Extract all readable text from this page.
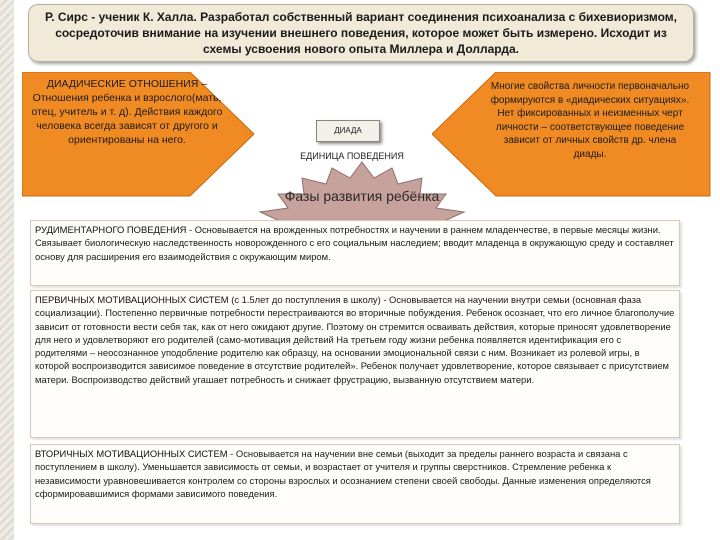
Р. Сирс - ученик К. Халла. Разработал собственный вариант соединения психоанализа с бихевиоризмом, сосредоточив внимание на изучении внешнего поведения, которое может быть измерено. Исходит из схемы усвоения нового опыта Миллера и Долларда.
ДИАДИЧЕСКИЕ ОТНОШЕНИЯ –
Отношения ребенка и взрослого(мать, отец, учитель и т. д). Действия каждого человека всегда зависят от другого и ориентированы на него.
Многие свойства личности первоначально формируются в «диадических ситуациях». Нет фиксированных и неизменных черт личности – соответствующее поведение зависит от личных свойств др. члена диады.
ДИАДА
ЕДИНИЦА ПОВЕДЕНИЯ
Фазы развития ребёнка
РУДИМЕНТАРНОГО ПОВЕДЕНИЯ - Основывается на врожденных потребностях и научении в раннем младенчестве, в первые месяцы жизни. Связывает биологическую наследственность новорожденного с его социальным наследием; вводит младенца в окружающую среду и составляет основу для расширения его взаимодействия с окружающим миром.
ПЕРВИЧНЫХ МОТИВАЦИОННЫХ СИСТЕМ (с 1.5лет до поступления в школу) - Основывается на научении внутри семьи (основная фаза социализации). Постепенно первичные потребности перестраиваются во вторичные побуждения. Ребенок осознает, что его личное благополучие зависит от готовности вести себя так, как от него ожидают другие. Поэтому он стремится осваивать действия, которые приносят удовлетворение для него и удовлетворяют его родителей (само-мотивация действий На третьем году жизни ребенка появляется идентификация его с родителями – неосознанное уподобление родителю как образцу, на основании эмоциональной связи с ним. Возникает из ролевой игры, в которой воспроизводится зависимое поведение в отсутствие родителей». Ребенок получает удовлетворение, которое связывает с присутствием матери. Воспроизводство действий угашает потребность и снижает фрустрацию, вызванную отсутствием матери.
ВТОРИЧНЫХ МОТИВАЦИОННЫХ СИСТЕМ - Основывается на научении вне семьи (выходит за пределы раннего возраста и связана с поступлением в школу). Уменьшается зависимость от семьи, и возрастает от учителя и группы сверстников. Стремление ребенка к независимости уравновешивается контролем со стороны взрослых и осознанием степени своей свободы. Данные изменения определяются сформировавшимися формами зависимого поведения.
